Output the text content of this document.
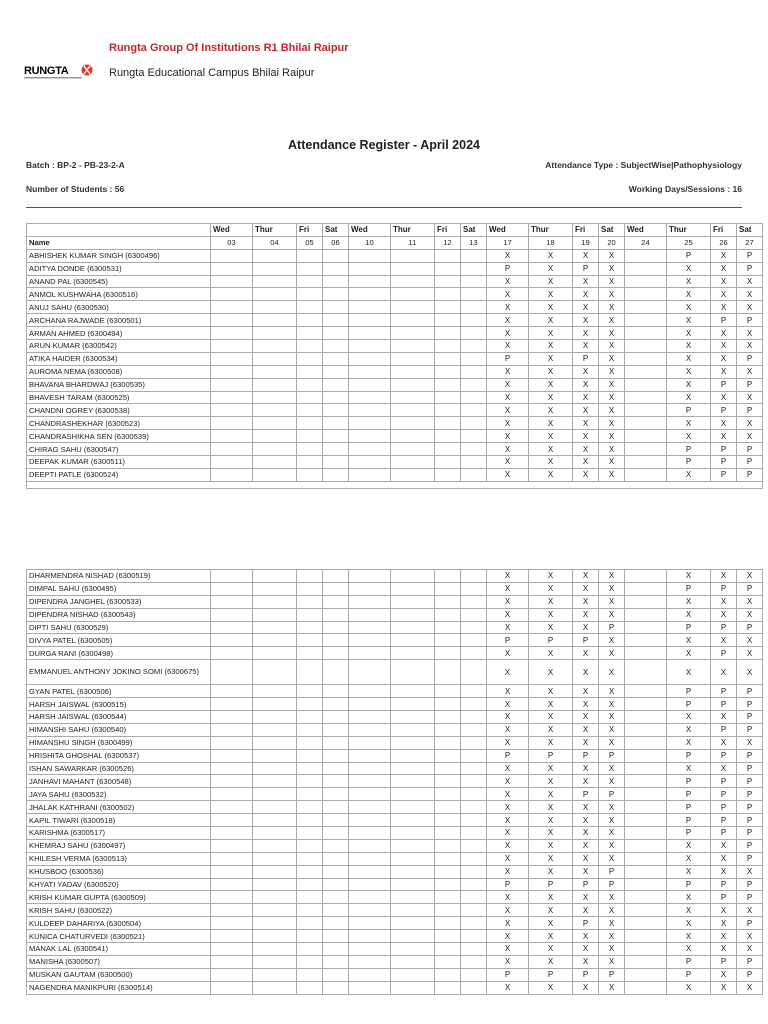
Rungta Group Of Institutions R1 Bhilai Raipur
RUNGTA	Rungta Educational Campus Bhilai Raipur
Attendance Register - April 2024
Batch : BP-2 - PB-23-2-A	Attendance Type : SubjectWise|Pathophysiology
Number of Students : 56	Working Days/Sessions : 16
	Wed	Thur	Fri	Sat	Wed	Thur	Fri	Sat	Wed	Thur	Fri	Sat	Wed	Thur	Fri	Sat
Name	03	04	05	06	10	11	12	13	17	18	19	20	24	25	26	27
ABHISHEK KUMAR SINGH (6300496)									X	X	X	X		P	X	P
ADITYA DONDE (6300531)									P	X	P	X		X	X	P
ANAND PAL (6300545)									X	X	X	X		X	X	X
ANMOL KUSHWAHA (6300516)									X	X	X	X		X	X	X
ANUJ SAHU (6300530)									X	X	X	X		X	X	X
ARCHANA RAJWADE (6300501)									X	X	X	X		X	P	P
ARMAN AHMED (6300494)									X	X	X	X		X	X	X
ARUN KUMAR (6300542)									X	X	X	X		X	X	X
ATIKA HAIDER (6300534)									P	X	P	X		X	X	P
AUROMA NEMA (6300508)									X	X	X	X		X	X	X
BHAVANA BHARDWAJ (6300535)									X	X	X	X		X	P	P
BHAVESH TARAM (6300525)									X	X	X	X		X	X	X
CHANDNI OGREY (6300538)									X	X	X	X		P	P	P
CHANDRASHEKHAR (6300523)									X	X	X	X		X	X	X
CHANDRASHIKHA SEN (6300539)									X	X	X	X		X	X	X
CHIRAG SAHU (6300547)									X	X	X	X		P	P	P
DEEPAK KUMAR (6300511)									X	X	X	X		P	P	P
DEEPTI PATLE (6300524)									X	X	X	X		X	P	P

DHARMENDRA NISHAD (6300519)									X	X	X	X		X	X	X
DIMPAL SAHU (6300495)									X	X	X	X		P	P	P
DIPENDRA JANGHEL (6300533)									X	X	X	X		X	X	X
DIPENDRA NISHAD (6300543)									X	X	X	X		X	X	X
DIPTI SAHU (6300529)									X	X	X	P		P	P	P
DIVYA PATEL (6300505)									P	P	P	X		X	X	X
DURGA RANI (6300498)									X	X	X	X		X	P	X
EMMANUEL ANTHONY JOKINO SOMI (6300675)									X	X	X	X		X	X	X
GYAN PATEL (6300506)									X	X	X	X		P	P	P
HARSH JAISWAL (6300515)									X	X	X	X		P	P	P
HARSH JAISWAL (6300544)									X	X	X	X		X	X	P
HIMANSHI SAHU (6300540)									X	X	X	X		X	P	P
HIMANSHU SINGH (6300499)									X	X	X	X		X	X	X
HRISHITA GHOSHAL (6300537)									P	P	P	P		P	P	P
ISHAN SAWARKAR (6300526)									X	X	X	X		X	X	P
JANHAVI MAHANT (6300548)									X	X	X	X		P	P	P
JAYA SAHU (6300532)									X	X	P	P		P	P	P
JHALAK KATHRANI (6300502)									X	X	X	X		P	P	P
KAPIL TIWARI (6300518)									X	X	X	X		P	P	P
KARISHMA (6300517)									X	X	X	X		P	P	P
KHEMRAJ SAHU (6300497)									X	X	X	X		X	X	P
KHILESH VERMA (6300513)									X	X	X	X		X	X	P
KHUSBOO (6300536)									X	X	X	P		X	X	X
KHYATI YADAV (6300520)									P	P	P	P		P	P	P
KRISH KUMAR GUPTA (6300509)									X	X	X	X		X	P	P
KRISH SAHU (6300522)									X	X	X	X		X	X	X
KULDEEP DAHARIYA (6300504)									X	X	P	X		X	X	P
KUNICA CHATURVEDI (6300521)									X	X	X	X		X	X	X
MANAK LAL (6300541)									X	X	X	X		X	X	X
MANISHA (6300507)									X	X	X	X		P	P	P
MUSKAN GAUTAM (6300500)									P	P	P	P		P	X	P
NAGENDRA MANIKPURI (6300514)									X	X	X	X		X	X	X
